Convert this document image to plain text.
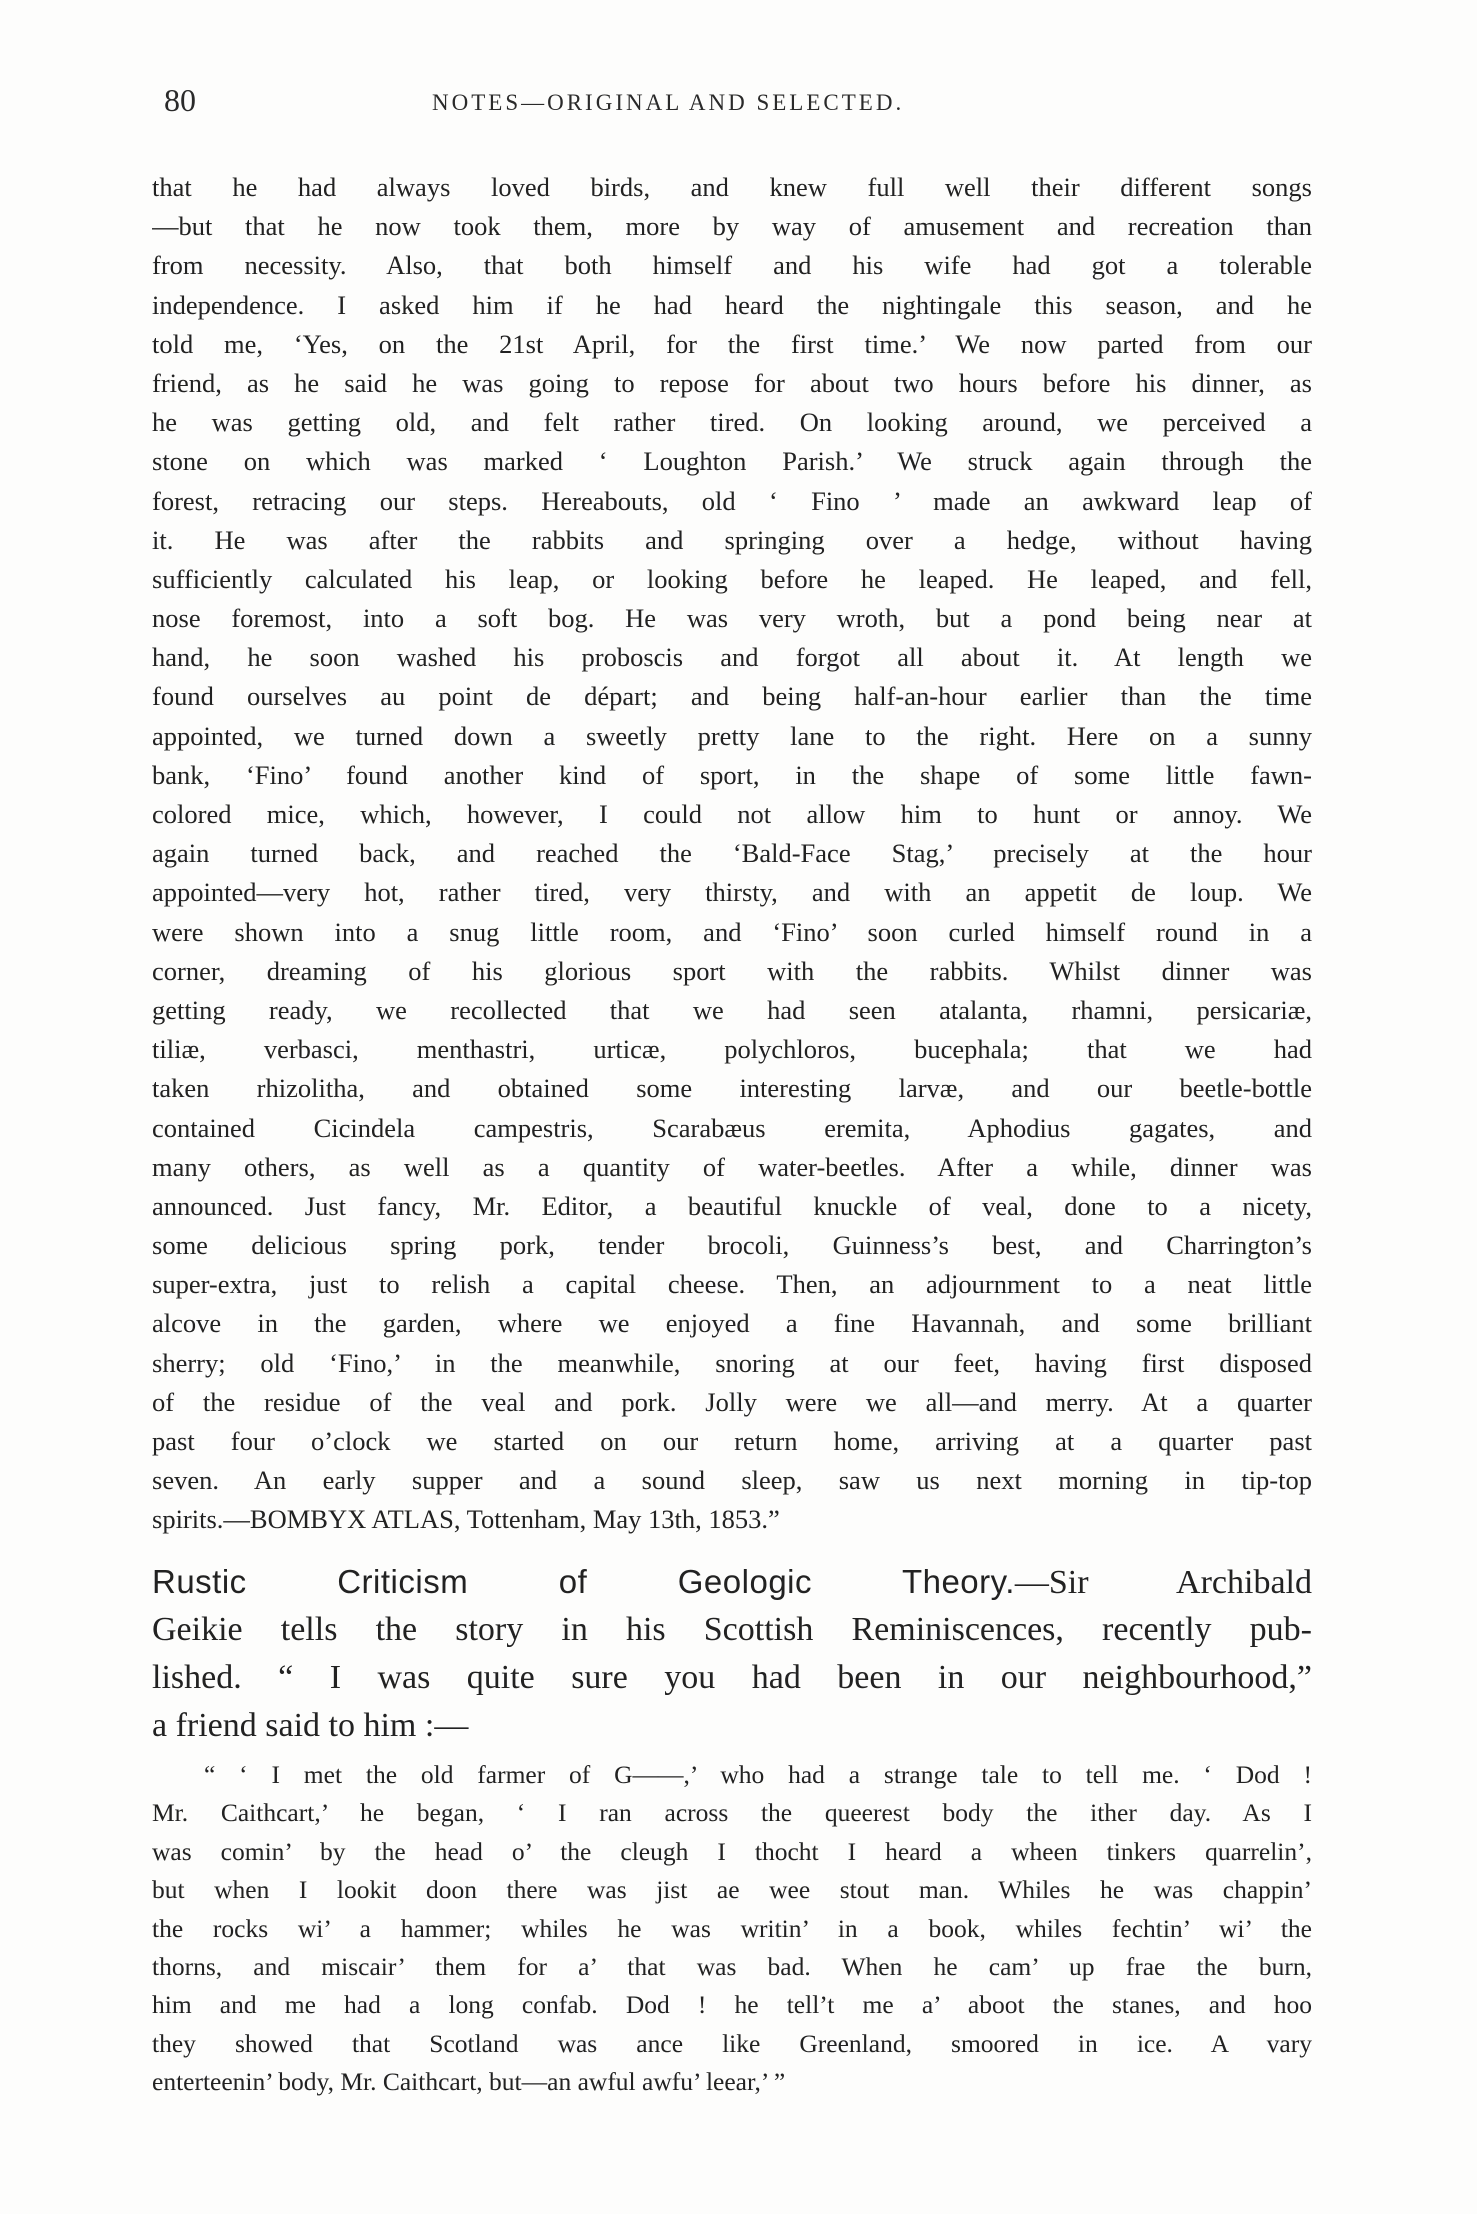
80	NOTES—ORIGINAL AND SELECTED.
that he had always loved birds, and knew full well their different songs
—but that he now took them, more by way of amusement and recreation than
from necessity. Also, that both himself and his wife had got a tolerable
independence. I asked him if he had heard the nightingale this season, and he
told me, ‘Yes, on the 21st April, for the first time.’ We now parted from our
friend, as he said he was going to repose for about two hours before his dinner, as
he was getting old, and felt rather tired. On looking around, we perceived a
stone on which was marked ‘ Loughton Parish.’ We struck again through the
forest, retracing our steps. Hereabouts, old ‘ Fino ’ made an awkward leap of
it. He was after the rabbits and springing over a hedge, without having
sufficiently calculated his leap, or looking before he leaped. He leaped, and fell,
nose foremost, into a soft bog. He was very wroth, but a pond being near at
hand, he soon washed his proboscis and forgot all about it. At length we
found ourselves au point de départ; and being half-an-hour earlier than the time
appointed, we turned down a sweetly pretty lane to the right. Here on a sunny
bank, ‘Fino’ found another kind of sport, in the shape of some little fawn-
colored mice, which, however, I could not allow him to hunt or annoy. We
again turned back, and reached the ‘Bald-Face Stag,’ precisely at the hour
appointed—very hot, rather tired, very thirsty, and with an appetit de loup. We
were shown into a snug little room, and ‘Fino’ soon curled himself round in a
corner, dreaming of his glorious sport with the rabbits. Whilst dinner was
getting ready, we recollected that we had seen atalanta, rhamni, persicariæ,
tiliæ, verbasci, menthastri, urticæ, polychloros, bucephala; that we had
taken rhizolitha, and obtained some interesting larvæ, and our beetle-bottle
contained Cicindela campestris, Scarabæus eremita, Aphodius gagates, and
many others, as well as a quantity of water-beetles. After a while, dinner was
announced. Just fancy, Mr. Editor, a beautiful knuckle of veal, done to a nicety,
some delicious spring pork, tender brocoli, Guinness’s best, and Charrington’s
super-extra, just to relish a capital cheese. Then, an adjournment to a neat little
alcove in the garden, where we enjoyed a fine Havannah, and some brilliant
sherry; old ‘Fino,’ in the meanwhile, snoring at our feet, having first disposed
of the residue of the veal and pork. Jolly were we all—and merry. At a quarter
past four o’clock we started on our return home, arriving at a quarter past
seven. An early supper and a sound sleep, saw us next morning in tip-top
spirits.—BOMBYX ATLAS, Tottenham, May 13th, 1853.”
Rustic Criticism of Geologic Theory.—Sir Archibald
Geikie tells the story in his Scottish Reminiscences, recently pub-
lished. “ I was quite sure you had been in our neighbourhood,”
a friend said to him :—
“ ‘ I met the old farmer of G——,’ who had a strange tale to tell me. ‘ Dod !
Mr. Caithcart,’ he began, ‘ I ran across the queerest body the ither day. As I
was comin’ by the head o’ the cleugh I thocht I heard a wheen tinkers quarrelin’,
but when I lookit doon there was jist ae wee stout man. Whiles he was chappin’
the rocks wi’ a hammer; whiles he was writin’ in a book, whiles fechtin’ wi’ the
thorns, and miscair’ them for a’ that was bad. When he cam’ up frae the burn,
him and me had a long confab. Dod ! he tell’t me a’ aboot the stanes, and hoo
they showed that Scotland was ance like Greenland, smoored in ice. A vary
enterteenin’ body, Mr. Caithcart, but—an awful awfu’ leear,’ ”
